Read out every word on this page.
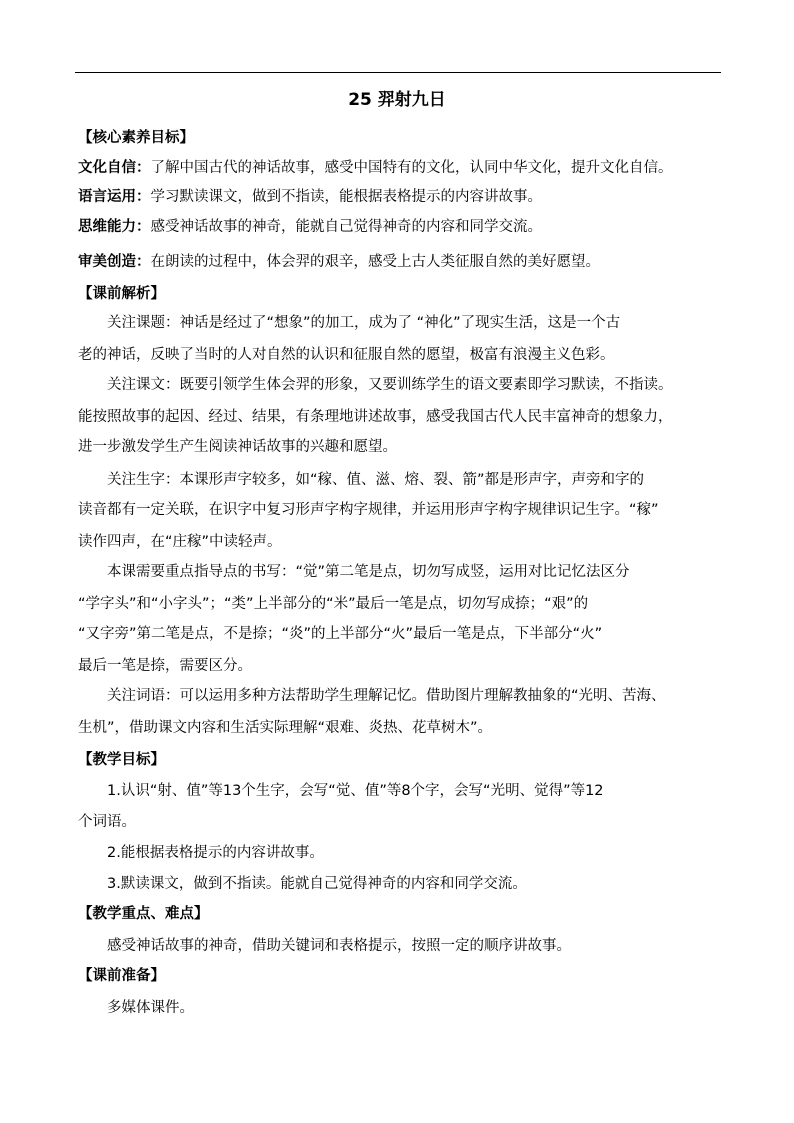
25 羿射九日
【核心素养目标】
文化自信：了解中国古代的神话故事，感受中国特有的文化，认同中华文化，提升文化自信。
语言运用：学习默读课文，做到不指读，能根据表格提示的内容讲故事。
思维能力：感受神话故事的神奇，能就自己觉得神奇的内容和同学交流。
审美创造：在朗读的过程中，体会羿的艰辛，感受上古人类征服自然的美好愿望。
【课前解析】
　　关注课题：神话是经过了“想象”的加工，成为了 “神化”了现实生活，这是一个古
老的神话，反映了当时的人对自然的认识和征服自然的愿望，极富有浪漫主义色彩。
　　关注课文：既要引领学生体会羿的形象，又要训练学生的语文要素即学习默读，不指读。
能按照故事的起因、经过、结果，有条理地讲述故事，感受我国古代人民丰富神奇的想象力，
进一步激发学生产生阅读神话故事的兴趣和愿望。
　　关注生字：本课形声字较多，如“稼、值、滋、熔、裂、箭”都是形声字，声旁和字的
读音都有一定关联，在识字中复习形声字构字规律，并运用形声字构字规律识记生字。“稼”
读作四声，在“庄稼”中读轻声。
　　本课需要重点指导点的书写：“觉”第二笔是点，切勿写成竖，运用对比记忆法区分
“学字头”和“小字头”；“类”上半部分的“米”最后一笔是点，切勿写成捺；“艰”的
“又字旁”第二笔是点，不是捺；“炎”的上半部分“火”最后一笔是点，下半部分“火”
最后一笔是捺，需要区分。
　　关注词语：可以运用多种方法帮助学生理解记忆。借助图片理解教抽象的“光明、苦海、
生机”，借助课文内容和生活实际理解“艰难、炎热、花草树木”。
【教学目标】
　　1.认识“射、值”等13个生字，会写“觉、值”等8个字，会写“光明、觉得”等12
个词语。
　　2.能根据表格提示的内容讲故事。
　　3.默读课文，做到不指读。能就自己觉得神奇的内容和同学交流。
【教学重点、难点】
　　感受神话故事的神奇，借助关键词和表格提示，按照一定的顺序讲故事。
【课前准备】
　　多媒体课件。
